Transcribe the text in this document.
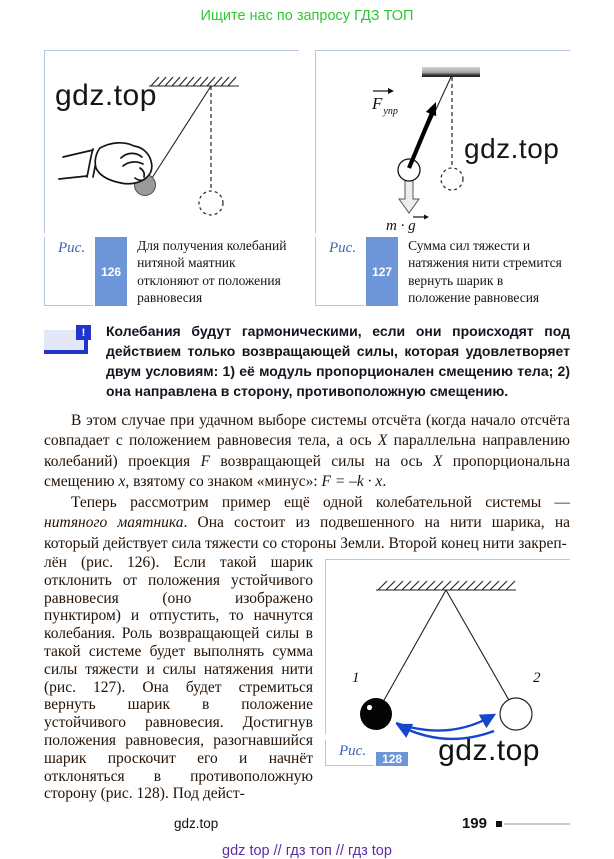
Ищите нас по запросу ГДЗ ТОП
gdz.top
Рис.
126
Для получения колебаний нитяной маятник отклоняют от положения равновесия
$F_{упр}$
m · g
gdz.top
Рис.
127
Сумма сил тяжести и натяжения нити стремится вернуть шарик в положение равновесия
!	Колебания будут гармоническими, если они происходят под действием только возвращающей силы, которая удовлетворяет двум условиям: 1) её модуль пропорционален смещению тела; 2) она направлена в сторону, противоположную смещению.

В этом случае при удачном выборе системы отсчёта (когда начало отсчёта совпадает с положением равновесия тела, а ось X параллельна направлению колебаний) проекция F возвращающей силы на ось X пропорциональна смещению x, взятому со знаком «минус»: F = –k · x.

Теперь рассмотрим пример ещё одной колебательной системы — нитяного маятника. Она состоит из подвешенного на нити шарика, на который действует сила тяжести со стороны Земли. Второй конец нити закреп-

лён (рис. 126). Если такой шарик отклонить от положения устойчивого равновесия (оно изображено пунктиром) и отпустить, то начнутся колебания. Роль возвращающей силы в такой системе будет выполнять сумма силы тяжести и силы натяжения нити (рис. 127). Она будет стремиться вернуть шарик в положение устойчивого равновесия. Достигнув положения равновесия, разогнавшийся шарик проскочит его и начнёт отклоняться в противоположную сторону (рис. 128). Под дейст-

1	2
Рис.	128 gdz.top
gdz.top	199
gdz top // гдз топ // гдз top
